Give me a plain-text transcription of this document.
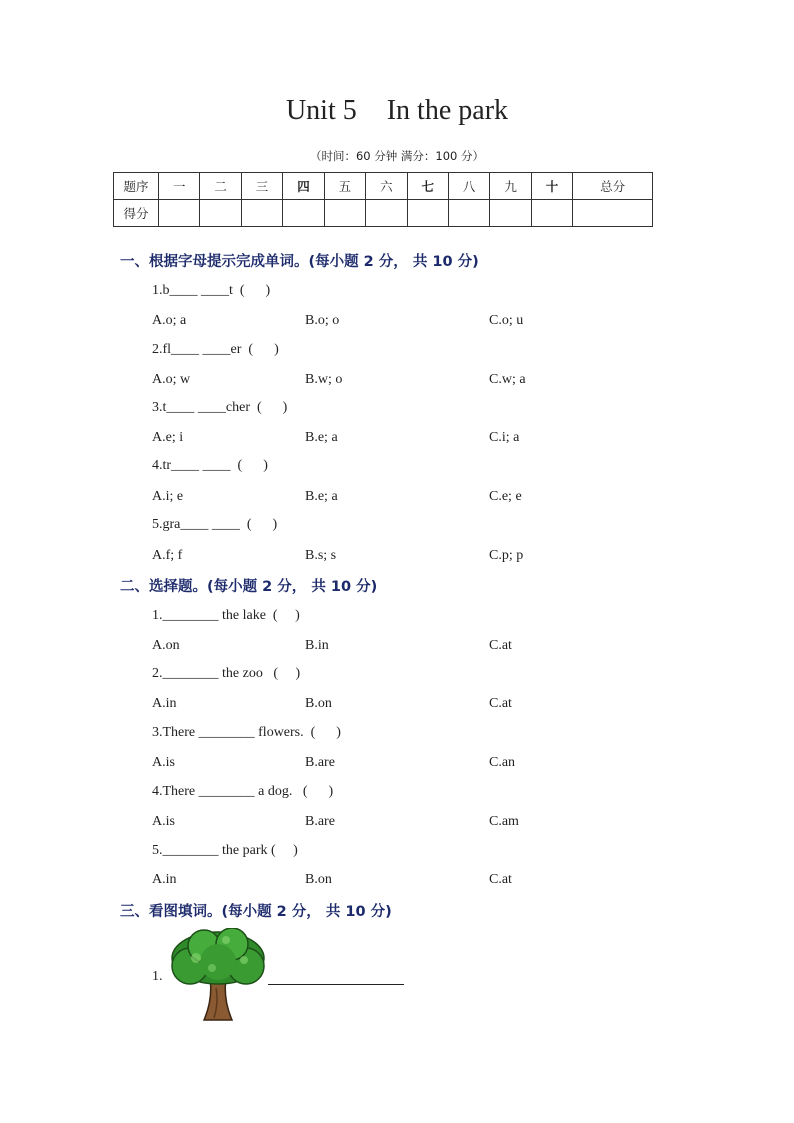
Unit 5 In the park
（时间：60 分钟 满分：100 分）
题序	一	二	三	四	五	六	七	八	九	十	总分
得分											
一、根据字母提示完成单词。(每小题 2 分， 共 10 分)
1.b____ ____t  (      )
A.o; a	B.o; o	C.o; u
2.fl____ ____er  (      )
A.o; w	B.w; o	C.w; a
3.t____ ____cher  (      )
A.e; i	B.e; a	C.i; a
4.tr____ ____  (      )
A.i; e	B.e; a	C.e; e
5.gra____ ____  (      )
A.f; f	B.s; s	C.p; p
二、选择题。(每小题 2 分， 共 10 分)
1.________ the lake  (     )
A.on	B.in	C.at
2.________ the zoo   (     )
A.in	B.on	C.at
3.There ________ flowers.  (      )
A.is	B.are	C.an
4.There ________ a dog.   (      )
A.is	B.are	C.am
5.________ the park (     )
A.in	B.on	C.at
三、看图填词。(每小题 2 分， 共 10 分)
1.
